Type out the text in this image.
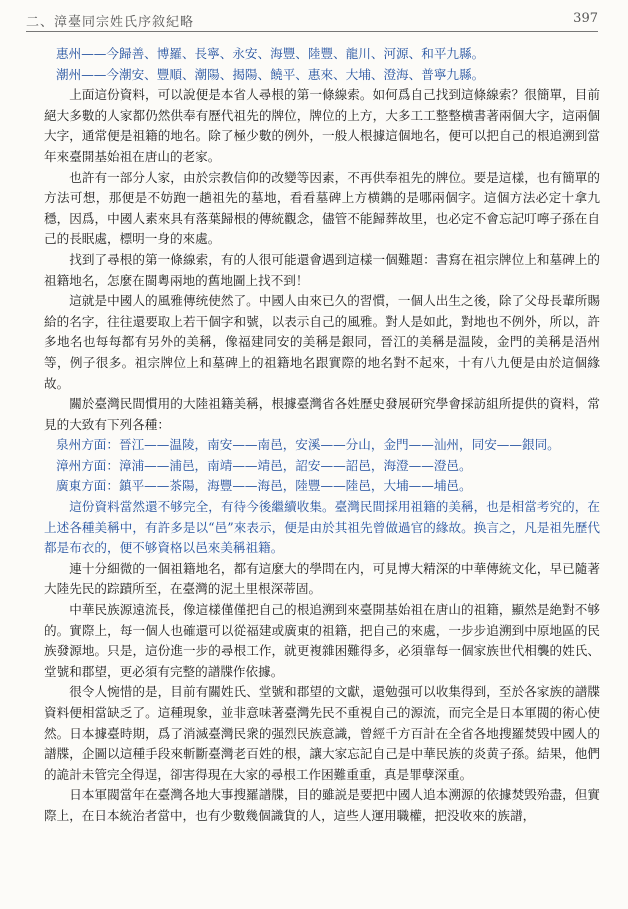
二、漳臺同宗姓氏序敘紀略	397

惠州——今歸善、博羅、長寧、永安、海豐、陸豐、龍川、河源、和平九縣。

潮州——今潮安、豐順、潮陽、揭陽、饒平、惠來、大埔、澄海、普寧九縣。

上面這份資料，可以說便是本省人尋根的第一條線索。如何爲自己找到這條線索？很簡單，目前絕大多數的人家都仍然供奉有歷代祖先的牌位，牌位的上方，大多工工整整横書著兩個大字，這兩個大字，通常便是祖籍的地名。除了極少數的例外，一般人根據這個地名，便可以把自己的根追溯到當年來臺開基始祖在唐山的老家。

也許有一部分人家，由於宗教信仰的改變等因素，不再供奉祖先的牌位。要是這樣，也有簡單的方法可想，那便是不妨跑一趟祖先的墓地，看看墓碑上方横鐫的是哪兩個字。這個方法必定十拿九穩，因爲，中國人素來具有落葉歸根的傳統觀念，儘管不能歸葬故里，也必定不會忘記叮嚀子孫在自己的長眠處，標明一身的來處。

找到了尋根的第一條線索，有的人很可能還會遇到這樣一個難題：書寫在祖宗牌位上和墓碑上的祖籍地名，怎麼在閩粵兩地的舊地圖上找不到！

這就是中國人的風雅傳统使然了。中國人由來已久的習慣，一個人出生之後，除了父母長輩所賜給的名字，往往還要取上若干個字和號，以表示自己的風雅。對人是如此，對地也不例外，所以，許多地名也每每都有另外的美稱，像福建同安的美稱是銀同，晉江的美稱是温陵，金門的美稱是浯州等，例子很多。祖宗牌位上和墓碑上的祖籍地名跟實際的地名對不起來，十有八九便是由於這個緣故。

關於臺灣民間慣用的大陸祖籍美稱，根據臺灣省各姓歷史發展研究學會採訪組所提供的資料，常見的大致有下列各種：

泉州方面：晉江——温陵，南安——南邑，安溪——分山，金門——汕州，同安——銀同。

漳州方面：漳浦——浦邑，南靖——靖邑，詔安——詔邑，海澄——澄邑。

廣東方面：鎮平——茶陽，海豐——海邑，陸豐——陸邑，大埔——埔邑。

這份資料當然還不够完全，有待今後繼續收集。臺灣民間採用祖籍的美稱，也是相當考究的，在上述各種美稱中，有許多是以“邑”來表示，便是由於其祖先曾做過官的緣故。换言之，凡是祖先歷代都是布衣的，便不够資格以邑來美稱祖籍。

連十分細微的一個祖籍地名，都有這麼大的學問在内，可見博大精深的中華傳統文化，早已隨著大陸先民的踪蹟所至，在臺灣的泥土里根深蒂固。

中華民族源遠流長，像這樣僅僅把自己的根追溯到來臺開基始祖在唐山的祖籍，顯然是絶對不够的。實際上，每一個人也確還可以從福建或廣東的祖籍，把自己的來處，一步步追溯到中原地區的民族發源地。只是，這份進一步的尋根工作，就更複雜困難得多，必須靠每一個家族世代相襲的姓氏、堂號和郡望，更必須有完整的譜牒作依據。

很令人惋惜的是，目前有關姓氏、堂號和郡望的文獻，還勉强可以收集得到，至於各家族的譜牒資料便相當缺乏了。這種現象，並非意味著臺灣先民不重視自己的源流，而完全是日本軍閥的術心使然。日本據臺時期，爲了消滅臺灣民衆的强烈民族意識，曾經千方百計在全省各地搜羅焚毁中國人的譜牒，企圖以這種手段來斬斷臺灣老百姓的根，讓大家忘記自己是中華民族的炎黄子孫。結果，他們的詭計未管完全得逞，卻害得現在大家的尋根工作困難重重，真是罪孽深重。

日本軍閥當年在臺灣各地大事搜羅譜牒，目的雖説是要把中國人追本溯源的依據焚毁殆盡，但實際上，在日本統治者當中，也有少數幾個識貨的人，這些人運用職權，把没收來的族譜，
